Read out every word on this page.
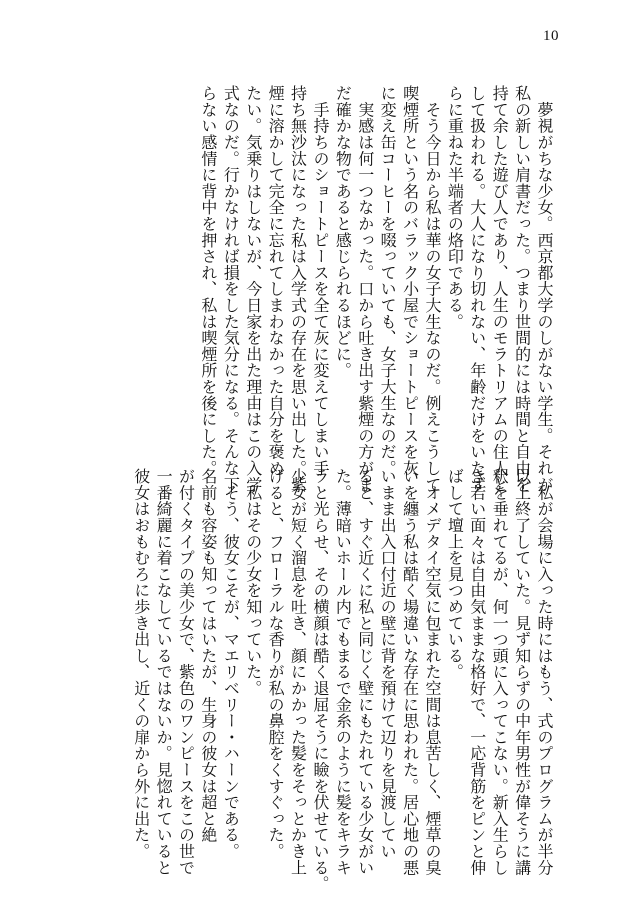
10
　夢視がちな少女。西京都大学のしがない学生。それが
私の新しい肩書だった。つまり世間的には時間と自由を
持て余した遊び人であり、人生のモラトリアムの住人と
して扱われる。大人になり切れない、年齢だけをいたず
らに重ねた半端者の烙印である。
　そう今日から私は華の女子大生なのだ。例えこうして
喫煙所という名のバラック小屋でショートピースを灰
に変え缶コーヒーを啜っていても、女子大生なのだ。
　実感は何一つなかった。口から吐き出す紫煙の方がま
だ確かな物であると感じられるほどに。
　手持ちのショートピースを全て灰に変えてしまい手
持ち無沙汰になった私は入学式の存在を思い出した。紫
煙に溶かして完全に忘れてしまわなかった自分を褒め
たい。気乗りはしないが、今日家を出た理由はこの入学
式なのだ。行かなければ損をした気分になる。そんな下
らない感情に背中を押され、私は喫煙所を後にした。
　私が会場に入った時にはもう、式のプログラムが半分
以上終了していた。見ず知らずの中年男性が偉そうに講
釈を垂れてるが、何一つ頭に入ってこない。新入生らし
き若い面々は自由気ままな格好で、一応背筋をピンと伸
ばして壇上を見つめている。
　オメデタイ空気に包まれた空間は息苦しく、煙草の臭
いを纏う私は酷く場違いな存在に思われた。居心地の悪
いまま出入口付近の壁に背を預けて辺りを見渡してい
ると、すぐ近くに私と同じく壁にもたれている少女がい
た。薄暗いホール内でもまるで金糸のように髪をキラキ
ラと光らせ、その横顔は酷く退屈そうに瞼を伏せている。
少女が短く溜息を吐き、顔にかかった髪をそっとかき上
げると、フローラルな香りが私の鼻腔をくすぐった。
　私はその少女を知っていた。
　そう、彼女こそが、マエリベリー・ハーンである。
名前も容姿も知ってはいたが、生身の彼女は超と絶
が付くタイプの美少女で、紫色のワンピースをこの世で
一番綺麗に着こなしているではないか。見惚れていると
彼女はおもむろに歩き出し、近くの扉から外に出た。
